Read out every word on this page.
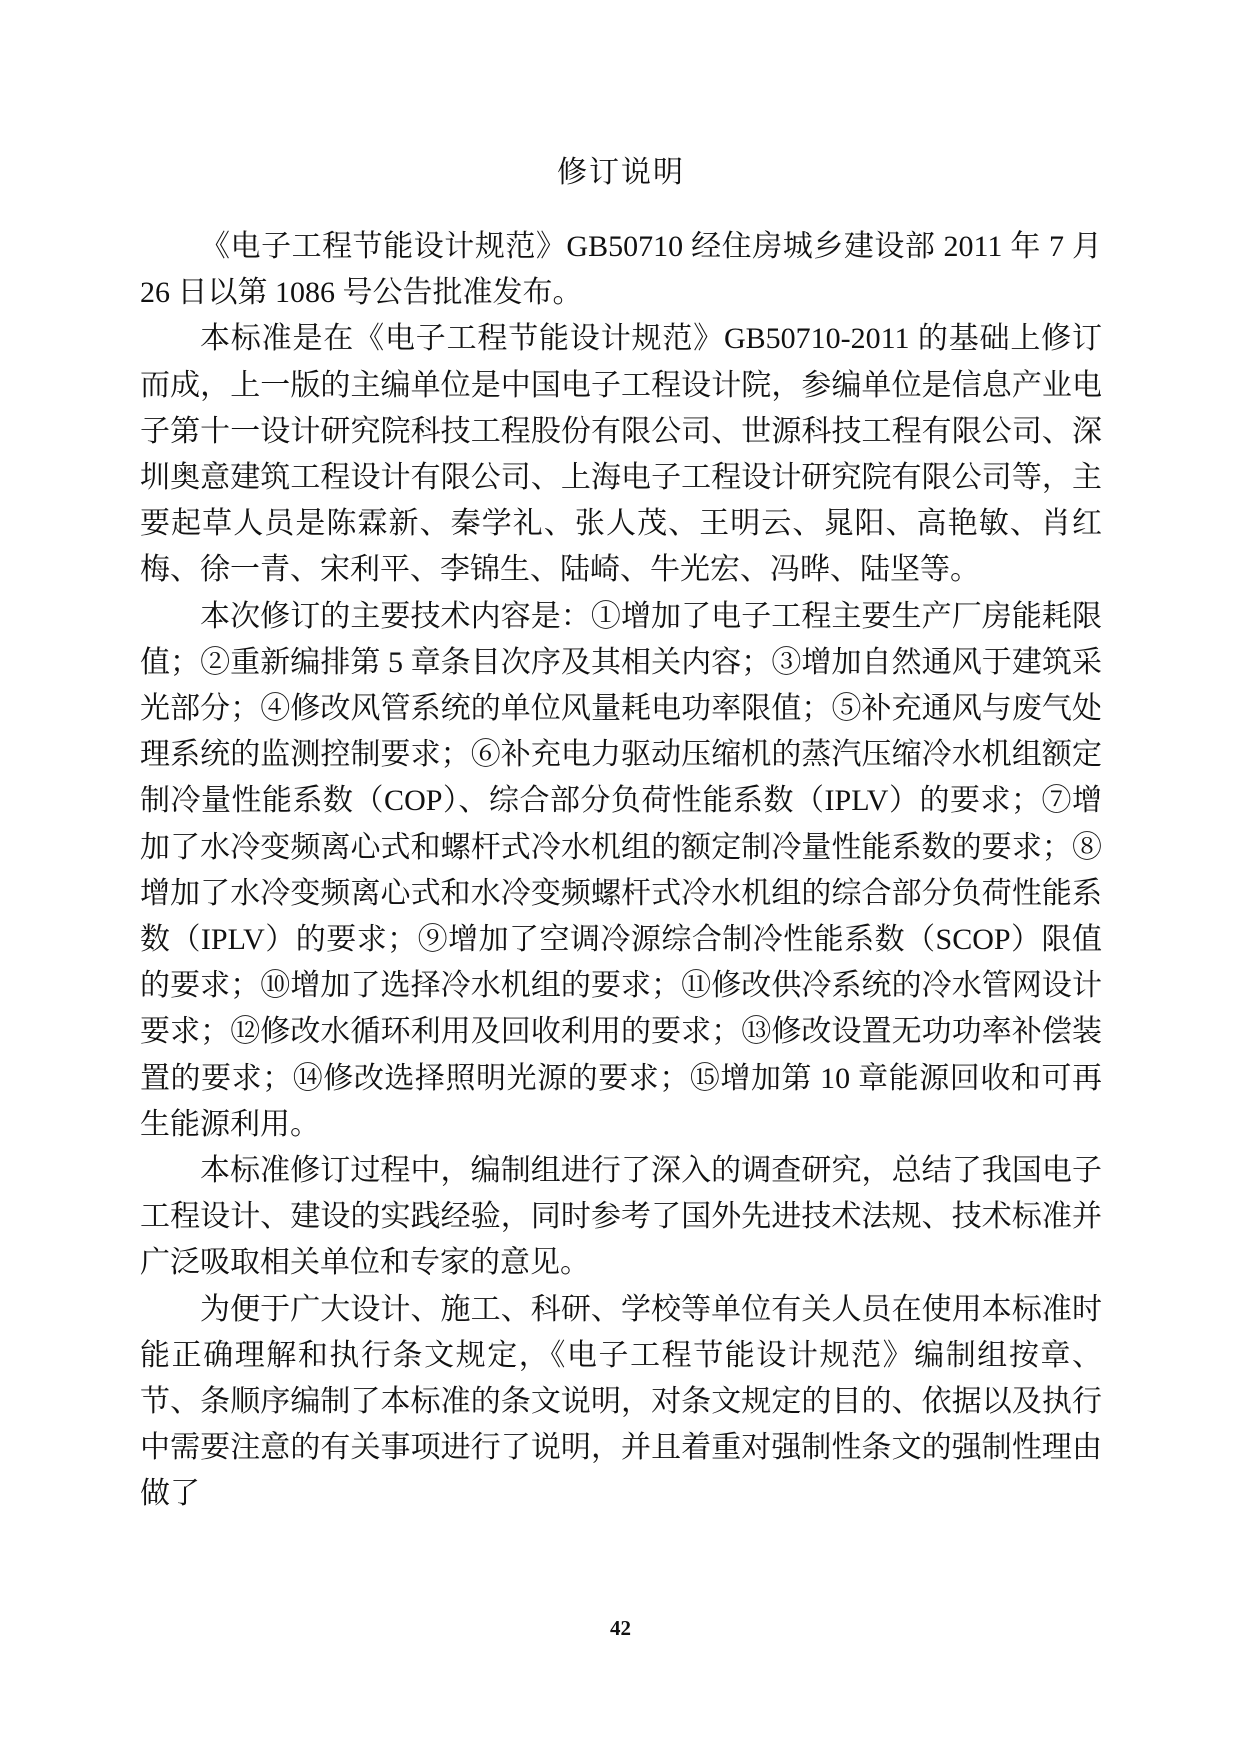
修订说明

《电子工程节能设计规范》GB50710 经住房城乡建设部 2011 年 7 月 26 日以第 1086 号公告批准发布。

本标准是在《电子工程节能设计规范》GB50710-2011 的基础上修订而成，上一版的主编单位是中国电子工程设计院，参编单位是信息产业电子第十一设计研究院科技工程股份有限公司、世源科技工程有限公司、深圳奥意建筑工程设计有限公司、上海电子工程设计研究院有限公司等，主要起草人员是陈霖新、秦学礼、张人茂、王明云、晁阳、高艳敏、肖红梅、徐一青、宋利平、李锦生、陆崎、牛光宏、冯晔、陆坚等。

本次修订的主要技术内容是：①增加了电子工程主要生产厂房能耗限值；②重新编排第 5 章条目次序及其相关内容；③增加自然通风于建筑采光部分；④修改风管系统的单位风量耗电功率限值；⑤补充通风与废气处理系统的监测控制要求；⑥补充电力驱动压缩机的蒸汽压缩冷水机组额定制冷量性能系数（COP）、综合部分负荷性能系数（IPLV）的要求；⑦增加了水冷变频离心式和螺杆式冷水机组的额定制冷量性能系数的要求；⑧增加了水冷变频离心式和水冷变频螺杆式冷水机组的综合部分负荷性能系数（IPLV）的要求；⑨增加了空调冷源综合制冷性能系数（SCOP）限值的要求；⑩增加了选择冷水机组的要求；⑪修改供冷系统的冷水管网设计要求；⑫修改水循环利用及回收利用的要求；⑬修改设置无功功率补偿装置的要求；⑭修改选择照明光源的要求；⑮增加第 10 章能源回收和可再生能源利用。

本标准修订过程中，编制组进行了深入的调查研究，总结了我国电子工程设计、建设的实践经验，同时参考了国外先进技术法规、技术标准并广泛吸取相关单位和专家的意见。

为便于广大设计、施工、科研、学校等单位有关人员在使用本标准时能正确理解和执行条文规定，《电子工程节能设计规范》编制组按章、节、条顺序编制了本标准的条文说明，对条文规定的目的、依据以及执行中需要注意的有关事项进行了说明，并且着重对强制性条文的强制性理由做了

42
